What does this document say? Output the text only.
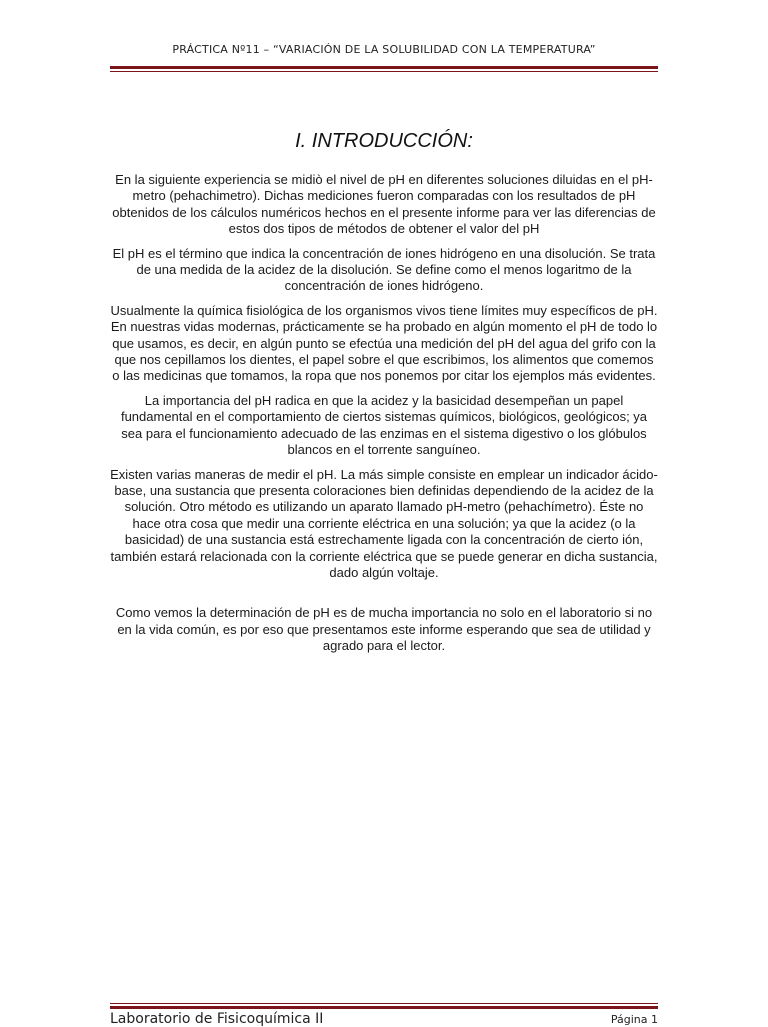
PRÁCTICA Nº11 – “VARIACIÓN DE LA SOLUBILIDAD CON LA TEMPERATURA”
I. INTRODUCCIÓN:

En la siguiente experiencia se midiò el nivel de pH en diferentes soluciones diluidas en el pH-metro (pehachimetro). Dichas mediciones fueron comparadas con los resultados de pH obtenidos de los cálculos numéricos hechos en el presente informe para ver las diferencias de estos dos tipos de métodos de obtener el valor del pH

El pH es el término que indica la concentración de iones hidrógeno en una disolución. Se trata de una medida de la acidez de la disolución. Se define como el menos logaritmo de la concentración de iones hidrógeno.

Usualmente la química fisiológica de los organismos vivos tiene límites muy específicos de pH. En nuestras vidas modernas, prácticamente se ha probado en algún momento el pH de todo lo que usamos, es decir, en algún punto se efectúa una medición del pH del agua del grifo con la que nos cepillamos los dientes, el papel sobre el que escribimos, los alimentos que comemos o las medicinas que tomamos, la ropa que nos ponemos por citar los ejemplos más evidentes.

La importancia del pH radica en que la acidez y la basicidad desempeñan un papel fundamental en el comportamiento de ciertos sistemas químicos, biológicos, geológicos; ya sea para el funcionamiento adecuado de las enzimas en el sistema digestivo o los glóbulos blancos en el torrente sanguíneo.

Existen varias maneras de medir el pH. La más simple consiste en emplear un indicador ácido-base, una sustancia que presenta coloraciones bien definidas dependiendo de la acidez de la solución. Otro método es utilizando un aparato llamado pH-metro (pehachímetro). Éste no hace otra cosa que medir una corriente eléctrica en una solución; ya que la acidez (o la basicidad) de una sustancia está estrechamente ligada con la concentración de cierto ión, también estará relacionada con la corriente eléctrica que se puede generar en dicha sustancia, dado algún voltaje.

Como vemos la determinación de pH es de mucha importancia no solo en el laboratorio si no en la vida común, es por eso que presentamos este informe esperando que sea de utilidad y agrado para el lector.

Laboratorio de Fisicoquímica II	Página 1
